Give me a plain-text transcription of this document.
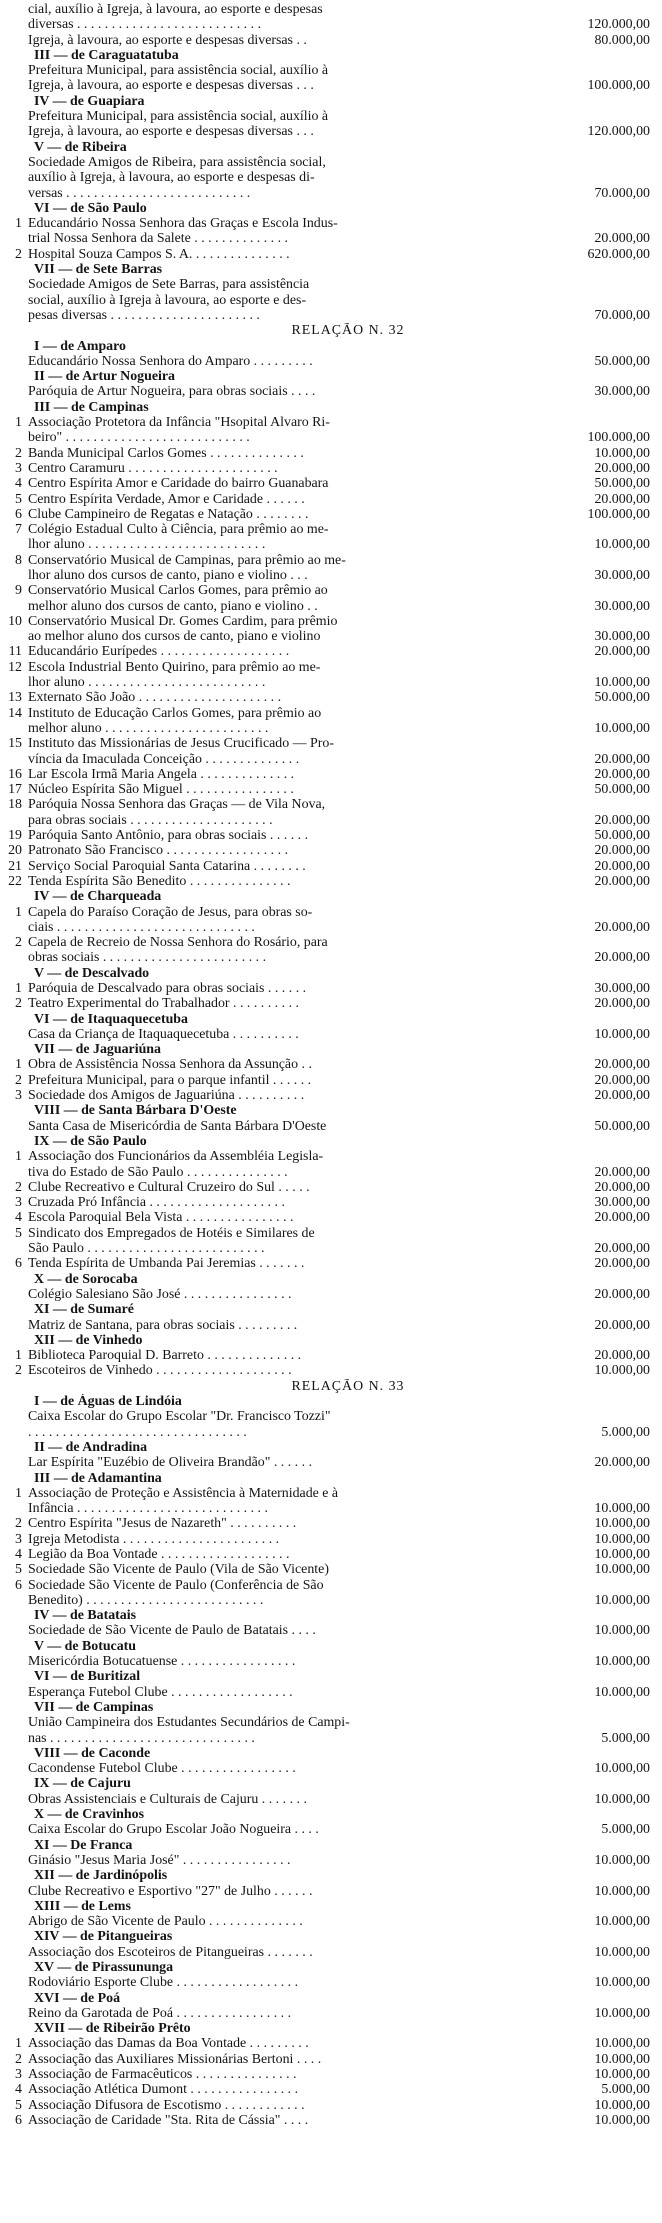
cial, auxílio à Igreja, à lavoura, ao esporte e despesas
diversas . . . . . . . . . . . . . . . . . . . . . . . . . . .	120.000,00
Igreja, à lavoura, ao esporte e despesas diversas . .	80.000,00
III — de Caraguatatuba
Prefeitura Municipal, para assistência social, auxílio à
Igreja, à lavoura, ao esporte e despesas diversas . . .	100.000,00
IV — de Guapiara
Prefeitura Municipal, para assistência social, auxílio à
Igreja, à lavoura, ao esporte e despesas diversas . . .	120.000,00
V — de Ribeira
Sociedade Amigos de Ribeira, para assistência social,
auxílio à Igreja, à lavoura, ao esporte e despesas di-
versas . . . . . . . . . . . . . . . . . . . . . . . . . . .	70.000,00
VI — de São Paulo
1 Educandário Nossa Senhora das Graças e Escola Indus-
trial Nossa Senhora da Salete . . . . . . . . . . . . . .	20.000,00
2 Hospital Souza Campos S. A. . . . . . . . . . . . . . .	620.000,00
VII — de Sete Barras
Sociedade Amigos de Sete Barras, para assistência
social, auxílio à Igreja à lavoura, ao esporte e des-
pesas diversas . . . . . . . . . . . . . . . . . . . . . .	70.000,00
RELAÇÃO N. 32
I — de Amparo
Educandário Nossa Senhora do Amparo . . . . . . . . .	50.000,00
II — de Artur Nogueira
Paróquia de Artur Nogueira, para obras sociais . . . .	30.000,00
III — de Campinas
1 Associação Protetora da Infância "Hsopital Alvaro Ri-
beiro" . . . . . . . . . . . . . . . . . . . . . . . . . . .	100.000,00
2 Banda Municipal Carlos Gomes . . . . . . . . . . . . . .	10.000,00
3 Centro Caramuru . . . . . . . . . . . . . . . . . . . . . .	20.000,00
4 Centro Espírita Amor e Caridade do bairro Guanabara	50.000,00
5 Centro Espírita Verdade, Amor e Caridade . . . . . .	20.000,00
6 Clube Campineiro de Regatas e Natação . . . . . . . .	100.000,00
7 Colégio Estadual Culto à Ciência, para prêmio ao me-
lhor aluno . . . . . . . . . . . . . . . . . . . . . . . . . .	10.000,00
8 Conservatório Musical de Campinas, para prêmio ao me-
lhor aluno dos cursos de canto, piano e violino . . .	30.000,00
9 Conservatório Musical Carlos Gomes, para prêmio ao
melhor aluno dos cursos de canto, piano e violino . .	30.000,00
10 Conservatório Musical Dr. Gomes Cardim, para prêmio
ao melhor aluno dos cursos de canto, piano e violino	30.000,00
11 Educandário Eurípedes . . . . . . . . . . . . . . . . . . .	20.000,00
12 Escola Industrial Bento Quirino, para prêmio ao me-
lhor aluno . . . . . . . . . . . . . . . . . . . . . . . . . .	10.000,00
13 Externato São João . . . . . . . . . . . . . . . . . . . . .	50.000,00
14 Instituto de Educação Carlos Gomes, para prêmio ao
melhor aluno . . . . . . . . . . . . . . . . . . . . . . . .	10.000,00
15 Instituto das Missionárias de Jesus Crucificado — Pro-
víncia da Imaculada Conceição . . . . . . . . . . . . . .	20.000,00
16 Lar Escola Irmã Maria Angela . . . . . . . . . . . . . .	20.000,00
17 Núcleo Espírita São Miguel . . . . . . . . . . . . . . . .	50.000,00
18 Paróquia Nossa Senhora das Graças — de Vila Nova,
para obras sociais . . . . . . . . . . . . . . . . . . . . .	20.000,00
19 Paróquia Santo Antônio, para obras sociais . . . . . .	50.000,00
20 Patronato São Francisco . . . . . . . . . . . . . . . . . .	20.000,00
21 Serviço Social Paroquial Santa Catarina . . . . . . . .	20.000,00
22 Tenda Espírita São Benedito . . . . . . . . . . . . . . .	20.000,00
IV — de Charqueada
1 Capela do Paraíso Coração de Jesus, para obras so-
ciais . . . . . . . . . . . . . . . . . . . . . . . . . . . . .	20.000,00
2 Capela de Recreio de Nossa Senhora do Rosário, para
obras sociais . . . . . . . . . . . . . . . . . . . . . . . .	20.000,00
V — de Descalvado
1 Paróquia de Descalvado para obras sociais . . . . . .	30.000,00
2 Teatro Experimental do Trabalhador . . . . . . . . . .	20.000,00
VI — de Itaquaquecetuba
Casa da Criança de Itaquaquecetuba . . . . . . . . . .	10.000,00
VII — de Jaguariúna
1 Obra de Assistência Nossa Senhora da Assunção . .	20.000,00
2 Prefeitura Municipal, para o parque infantil . . . . . .	20.000,00
3 Sociedade dos Amigos de Jaguariúna . . . . . . . . . .	20.000,00
VIII — de Santa Bárbara D'Oeste
Santa Casa de Misericórdia de Santa Bárbara D'Oeste	50.000,00
IX — de São Paulo
1 Associação dos Funcionários da Assembléia Legisla-
tiva do Estado de São Paulo . . . . . . . . . . . . . . .	20.000,00
2 Clube Recreativo e Cultural Cruzeiro do Sul . . . . .	20.000,00
3 Cruzada Pró Infância . . . . . . . . . . . . . . . . . . . .	30.000,00
4 Escola Paroquial Bela Vista . . . . . . . . . . . . . . . .	20.000,00
5 Sindicato dos Empregados de Hotéis e Similares de
São Paulo . . . . . . . . . . . . . . . . . . . . . . . . . .	20.000,00
6 Tenda Espírita de Umbanda Pai Jeremias . . . . . . .	20.000,00
X — de Sorocaba
Colégio Salesiano São José . . . . . . . . . . . . . . . .	20.000,00
XI — de Sumaré
Matriz de Santana, para obras sociais . . . . . . . . .	20.000,00
XII — de Vinhedo
1 Biblioteca Paroquial D. Barreto . . . . . . . . . . . . . .	20.000,00
2 Escoteiros de Vinhedo . . . . . . . . . . . . . . . . . . . .	10.000,00
RELAÇÃO N. 33
I — de Águas de Lindóia
Caixa Escolar do Grupo Escolar "Dr. Francisco Tozzi"
. . . . . . . . . . . . . . . . . . . . . . . . . . . . . . . .	5.000,00
II — de Andradina
Lar Espírita "Euzébio de Oliveira Brandão" . . . . . .	20.000,00
III — de Adamantina
1 Associação de Proteção e Assistência à Maternidade e à
Infância . . . . . . . . . . . . . . . . . . . . . . . . . . . .	10.000,00
2 Centro Espírita "Jesus de Nazareth" . . . . . . . . . .	10.000,00
3 Igreja Metodista . . . . . . . . . . . . . . . . . . . . . . .	10.000,00
4 Legião da Boa Vontade . . . . . . . . . . . . . . . . . . .	10.000,00
5 Sociedade São Vicente de Paulo (Vila de São Vicente)	10.000,00
6 Sociedade São Vicente de Paulo (Conferência de São
Benedito) . . . . . . . . . . . . . . . . . . . . . . . . . .	10.000,00
IV — de Batatais
Sociedade de São Vicente de Paulo de Batatais . . . .	10.000,00
V — de Botucatu
Misericórdia Botucatuense . . . . . . . . . . . . . . . . .	10.000,00
VI — de Buritizal
Esperança Futebol Clube . . . . . . . . . . . . . . . . . .	10.000,00
VII — de Campinas
União Campineira dos Estudantes Secundários de Campi-
nas . . . . . . . . . . . . . . . . . . . . . . . . . . . . . .	5.000,00
VIII — de Caconde
Cacondense Futebol Clube . . . . . . . . . . . . . . . . .	10.000,00
IX — de Cajuru
Obras Assistenciais e Culturais de Cajuru . . . . . . .	10.000,00
X — de Cravinhos
Caixa Escolar do Grupo Escolar João Nogueira . . . .	5.000,00
XI — De Franca
Ginásio "Jesus Maria José" . . . . . . . . . . . . . . . .	10.000,00
XII — de Jardinópolis
Clube Recreativo e Esportivo "27" de Julho . . . . . .	10.000,00
XIII — de Lems
Abrigo de São Vicente de Paulo . . . . . . . . . . . . . .	10.000,00
XIV — de Pitangueiras
Associação dos Escoteiros de Pitangueiras . . . . . . .	10.000,00
XV — de Pirassununga
Rodoviário Esporte Clube . . . . . . . . . . . . . . . . . .	10.000,00
XVI — de Poá
Reino da Garotada de Poá . . . . . . . . . . . . . . . . .	10.000,00
XVII — de Ribeirão Prêto
1 Associação das Damas da Boa Vontade . . . . . . . . .	10.000,00
2 Associação das Auxiliares Missionárias Bertoni . . . .	10.000,00
3 Associação de Farmacêuticos . . . . . . . . . . . . . . .	10.000,00
4 Associação Atlética Dumont . . . . . . . . . . . . . . . .	5.000,00
5 Associação Difusora de Escotismo . . . . . . . . . . . .	10.000,00
6 Associação de Caridade "Sta. Rita de Cássia" . . . .	10.000,00
